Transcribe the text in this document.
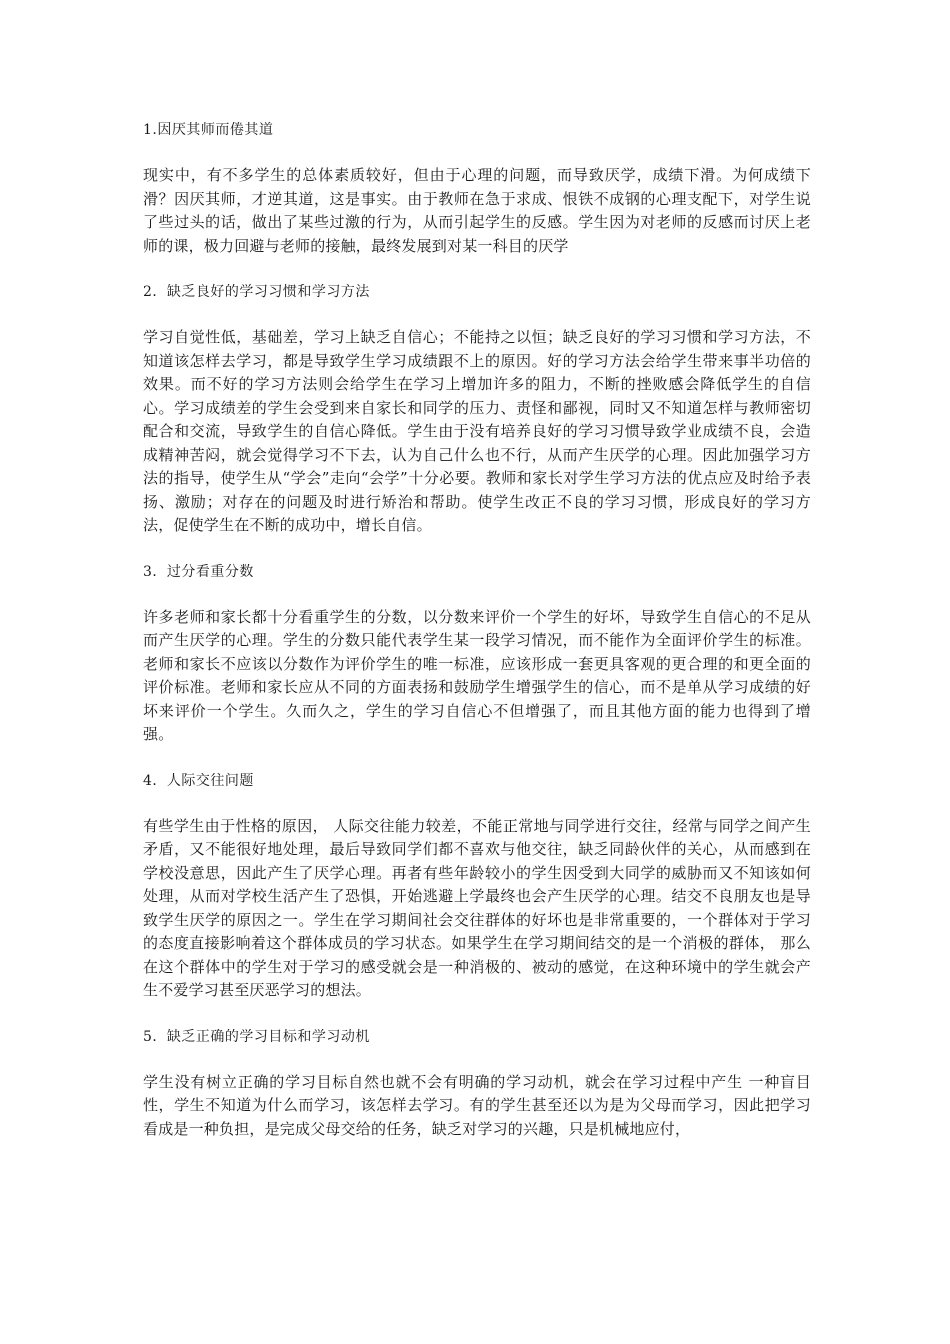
1.因厌其师而倦其道
现实中，有不多学生的总体素质较好，但由于心理的问题，而导致厌学，成绩下滑。为何成绩下滑？因厌其师，才逆其道，这是事实。由于教师在急于求成、恨铁不成钢的心理支配下，对学生说了些过头的话，做出了某些过激的行为，从而引起学生的反感。学生因为对老师的反感而讨厌上老师的课，极力回避与老师的接触，最终发展到对某一科目的厌学
2．缺乏良好的学习习惯和学习方法
学习自觉性低，基础差，学习上缺乏自信心；不能持之以恒；缺乏良好的学习习惯和学习方法，不知道该怎样去学习，都是导致学生学习成绩跟不上的原因。好的学习方法会给学生带来事半功倍的效果。而不好的学习方法则会给学生在学习上增加许多的阻力，不断的挫败感会降低学生的自信心。学习成绩差的学生会受到来自家长和同学的压力、责怪和鄙视，同时又不知道怎样与教师密切配合和交流，导致学生的自信心降低。学生由于没有培养良好的学习习惯导致学业成绩不良，会造成精神苦闷，就会觉得学习不下去，认为自己什么也不行，从而产生厌学的心理。因此加强学习方法的指导，使学生从“学会”走向“会学”十分必要。教师和家长对学生学习方法的优点应及时给予表扬、激励；对存在的问题及时进行矫治和帮助。使学生改正不良的学习习惯，形成良好的学习方法，促使学生在不断的成功中，增长自信。
3．过分看重分数
许多老师和家长都十分看重学生的分数，以分数来评价一个学生的好坏，导致学生自信心的不足从而产生厌学的心理。学生的分数只能代表学生某一段学习情况，而不能作为全面评价学生的标准。老师和家长不应该以分数作为评价学生的唯一标准，应该形成一套更具客观的更合理的和更全面的评价标准。老师和家长应从不同的方面表扬和鼓励学生增强学生的信心，而不是单从学习成绩的好坏来评价一个学生。久而久之，学生的学习自信心不但增强了，而且其他方面的能力也得到了增强。
4．人际交往问题
有些学生由于性格的原因， 人际交往能力较差，不能正常地与同学进行交往，经常与同学之间产生矛盾，又不能很好地处理，最后导致同学们都不喜欢与他交往，缺乏同龄伙伴的关心，从而感到在学校没意思，因此产生了厌学心理。再者有些年龄较小的学生因受到大同学的威胁而又不知该如何处理，从而对学校生活产生了恐惧，开始逃避上学最终也会产生厌学的心理。结交不良朋友也是导致学生厌学的原因之一。学生在学习期间社会交往群体的好坏也是非常重要的，一个群体对于学习的态度直接影响着这个群体成员的学习状态。如果学生在学习期间结交的是一个消极的群体， 那么在这个群体中的学生对于学习的感受就会是一种消极的、被动的感觉，在这种环境中的学生就会产生不爱学习甚至厌恶学习的想法。
5．缺乏正确的学习目标和学习动机
学生没有树立正确的学习目标自然也就不会有明确的学习动机，就会在学习过程中产生 一种盲目性，学生不知道为什么而学习，该怎样去学习。有的学生甚至还以为是为父母而学习，因此把学习看成是一种负担，是完成父母交给的任务，缺乏对学习的兴趣，只是机械地应付，
